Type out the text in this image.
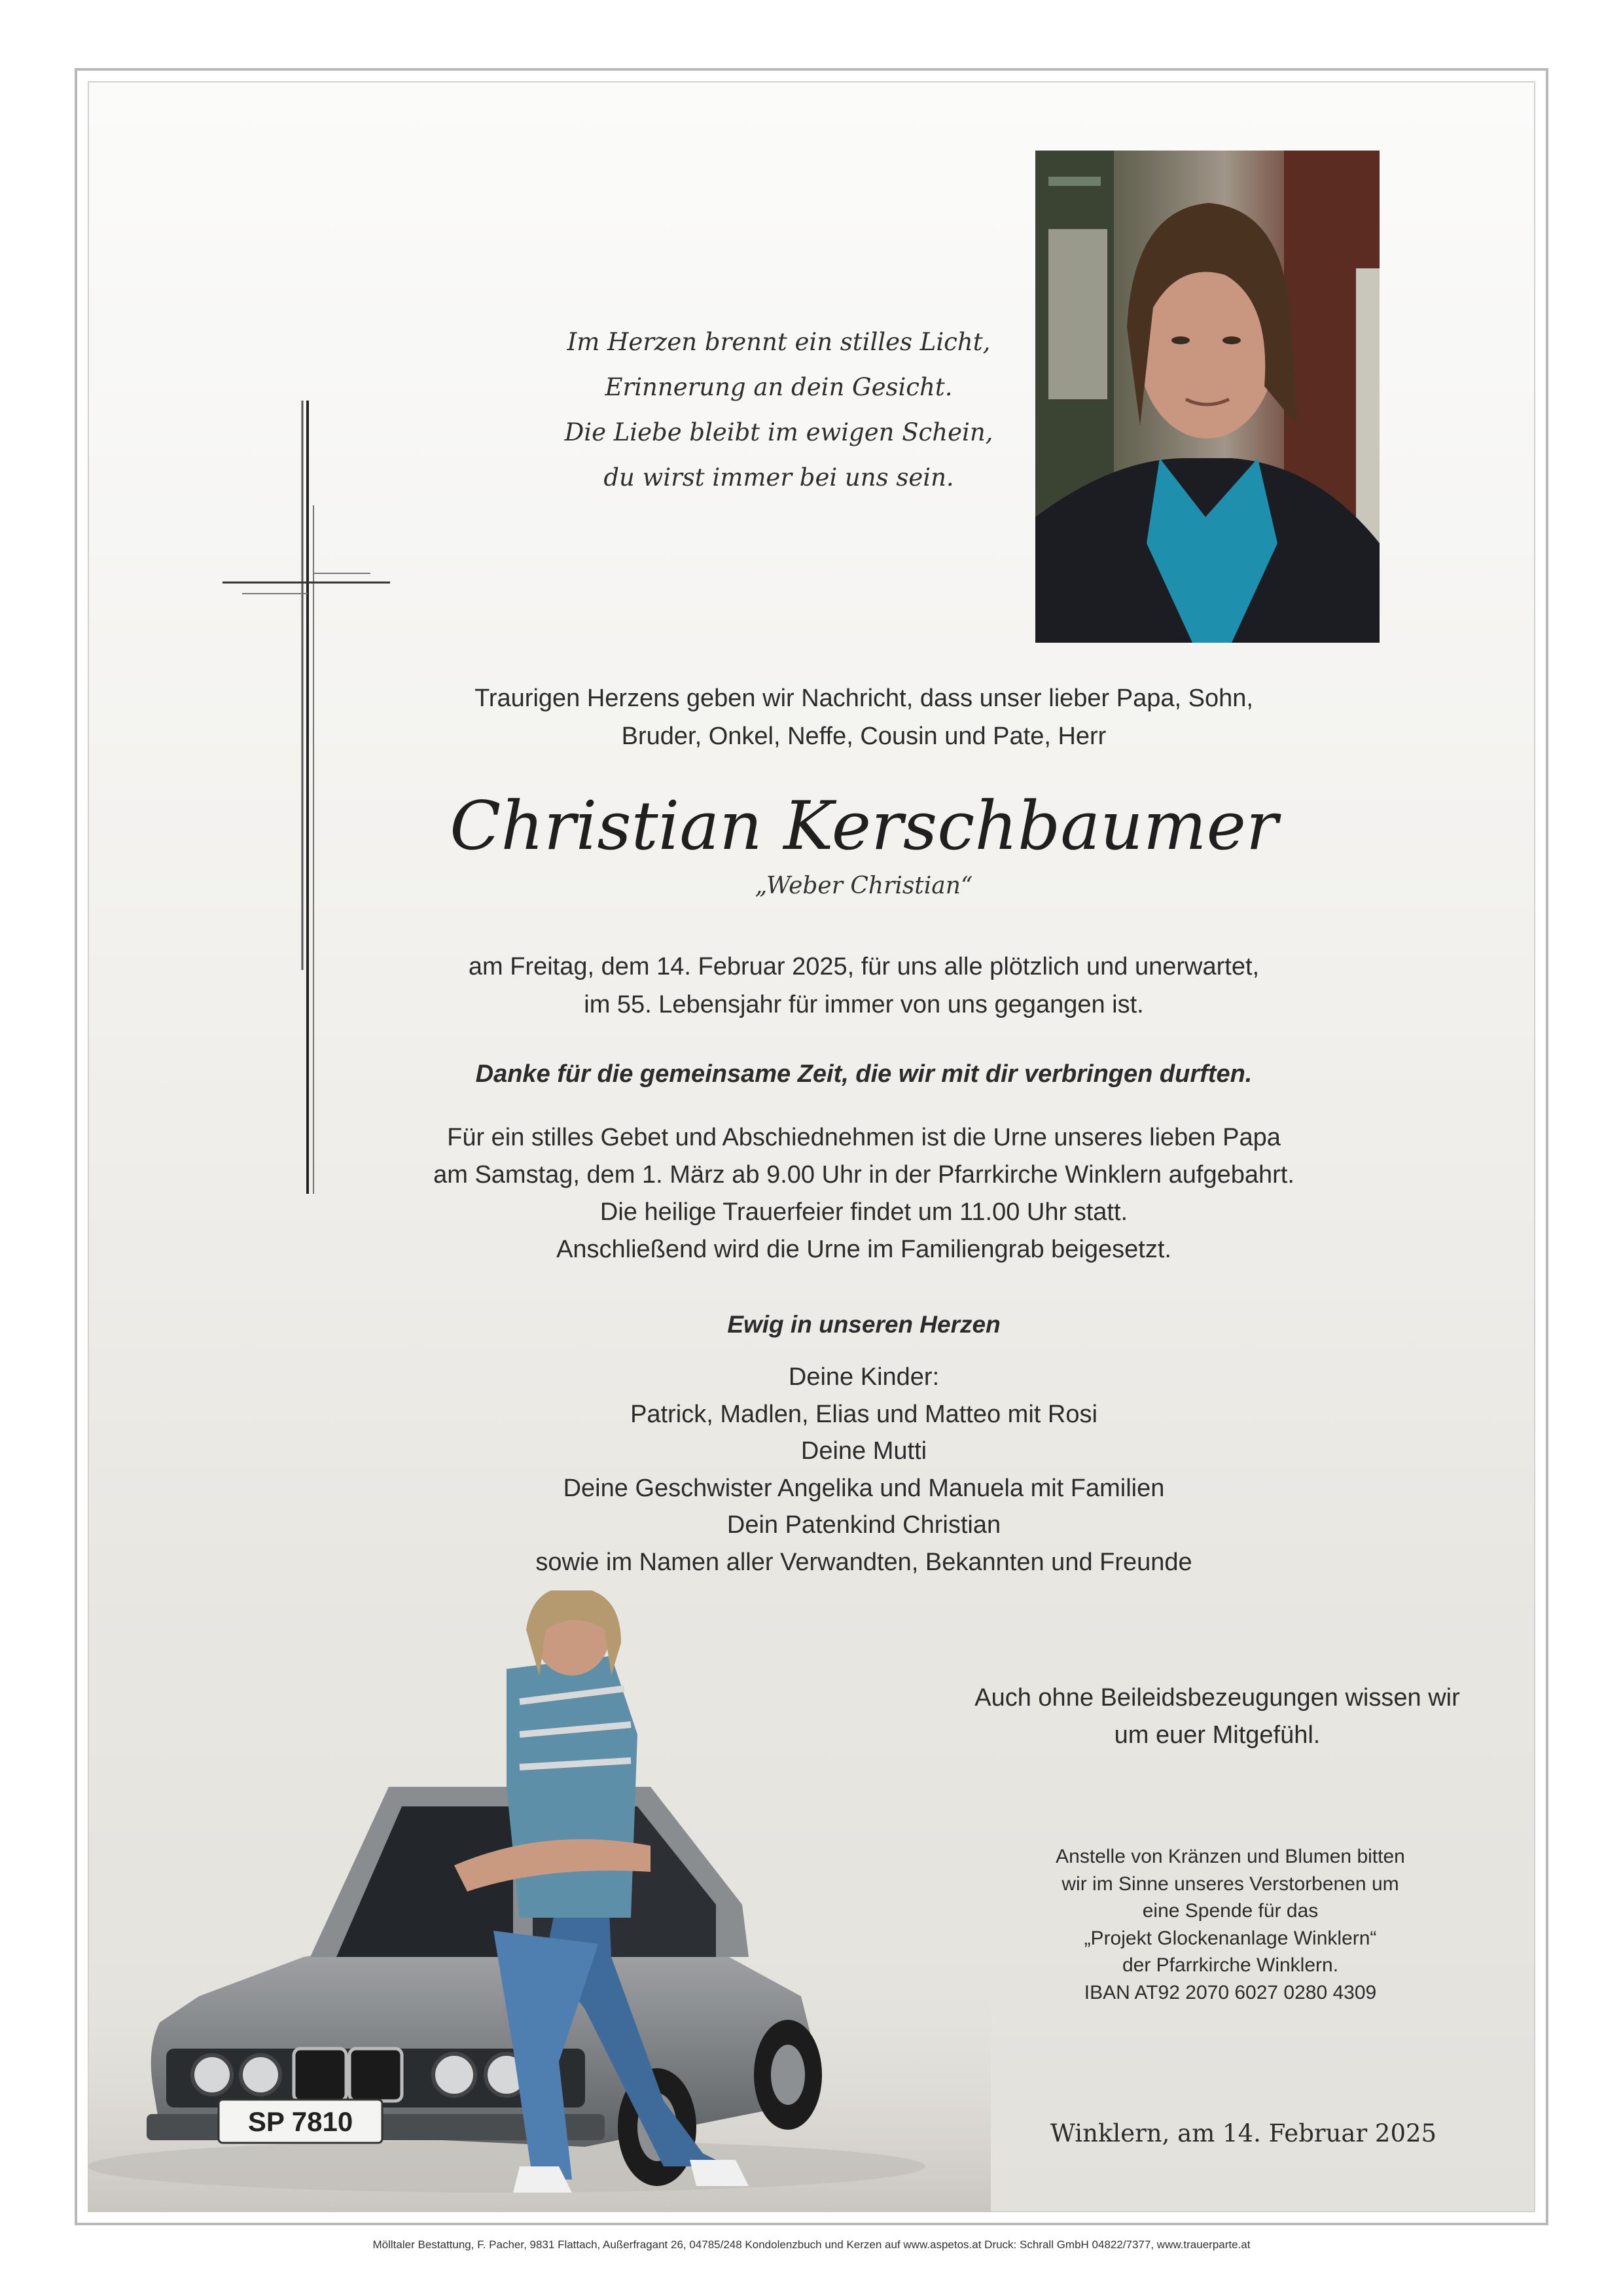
SP 7810
Im Herzen brennt ein stilles Licht,
Erinnerung an dein Gesicht.
Die Liebe bleibt im ewigen Schein,
du wirst immer bei uns sein.
Traurigen Herzens geben wir Nachricht, dass unser lieber Papa, Sohn,
Bruder, Onkel, Neffe, Cousin und Pate, Herr
Christian Kerschbaumer
„Weber Christian“
am Freitag, dem 14. Februar 2025, für uns alle plötzlich und unerwartet,
im 55. Lebensjahr für immer von uns gegangen ist.
Danke für die gemeinsame Zeit, die wir mit dir verbringen durften.
Für ein stilles Gebet und Abschiednehmen ist die Urne unseres lieben Papa
am Samstag, dem 1. März ab 9.00 Uhr in der Pfarrkirche Winklern aufgebahrt.
Die heilige Trauerfeier findet um 11.00 Uhr statt.
Anschließend wird die Urne im Familiengrab beigesetzt.
Ewig in unseren Herzen
Deine Kinder:
Patrick, Madlen, Elias und Matteo mit Rosi
Deine Mutti
Deine Geschwister Angelika und Manuela mit Familien
Dein Patenkind Christian
sowie im Namen aller Verwandten, Bekannten und Freunde
Auch ohne Beileidsbezeugungen wissen wir
um euer Mitgefühl.
Anstelle von Kränzen und Blumen bitten
wir im Sinne unseres Verstorbenen um
eine Spende für das
„Projekt Glockenanlage Winklern“
der Pfarrkirche Winklern.
IBAN AT92 2070 6027 0280 4309
Winklern, am 14. Februar 2025
Mölltaler Bestattung, F. Pacher, 9831 Flattach, Außerfragant 26, 04785/248 Kondolenzbuch und Kerzen auf www.aspetos.at Druck: Schrall GmbH 04822/7377, www.trauerparte.at
